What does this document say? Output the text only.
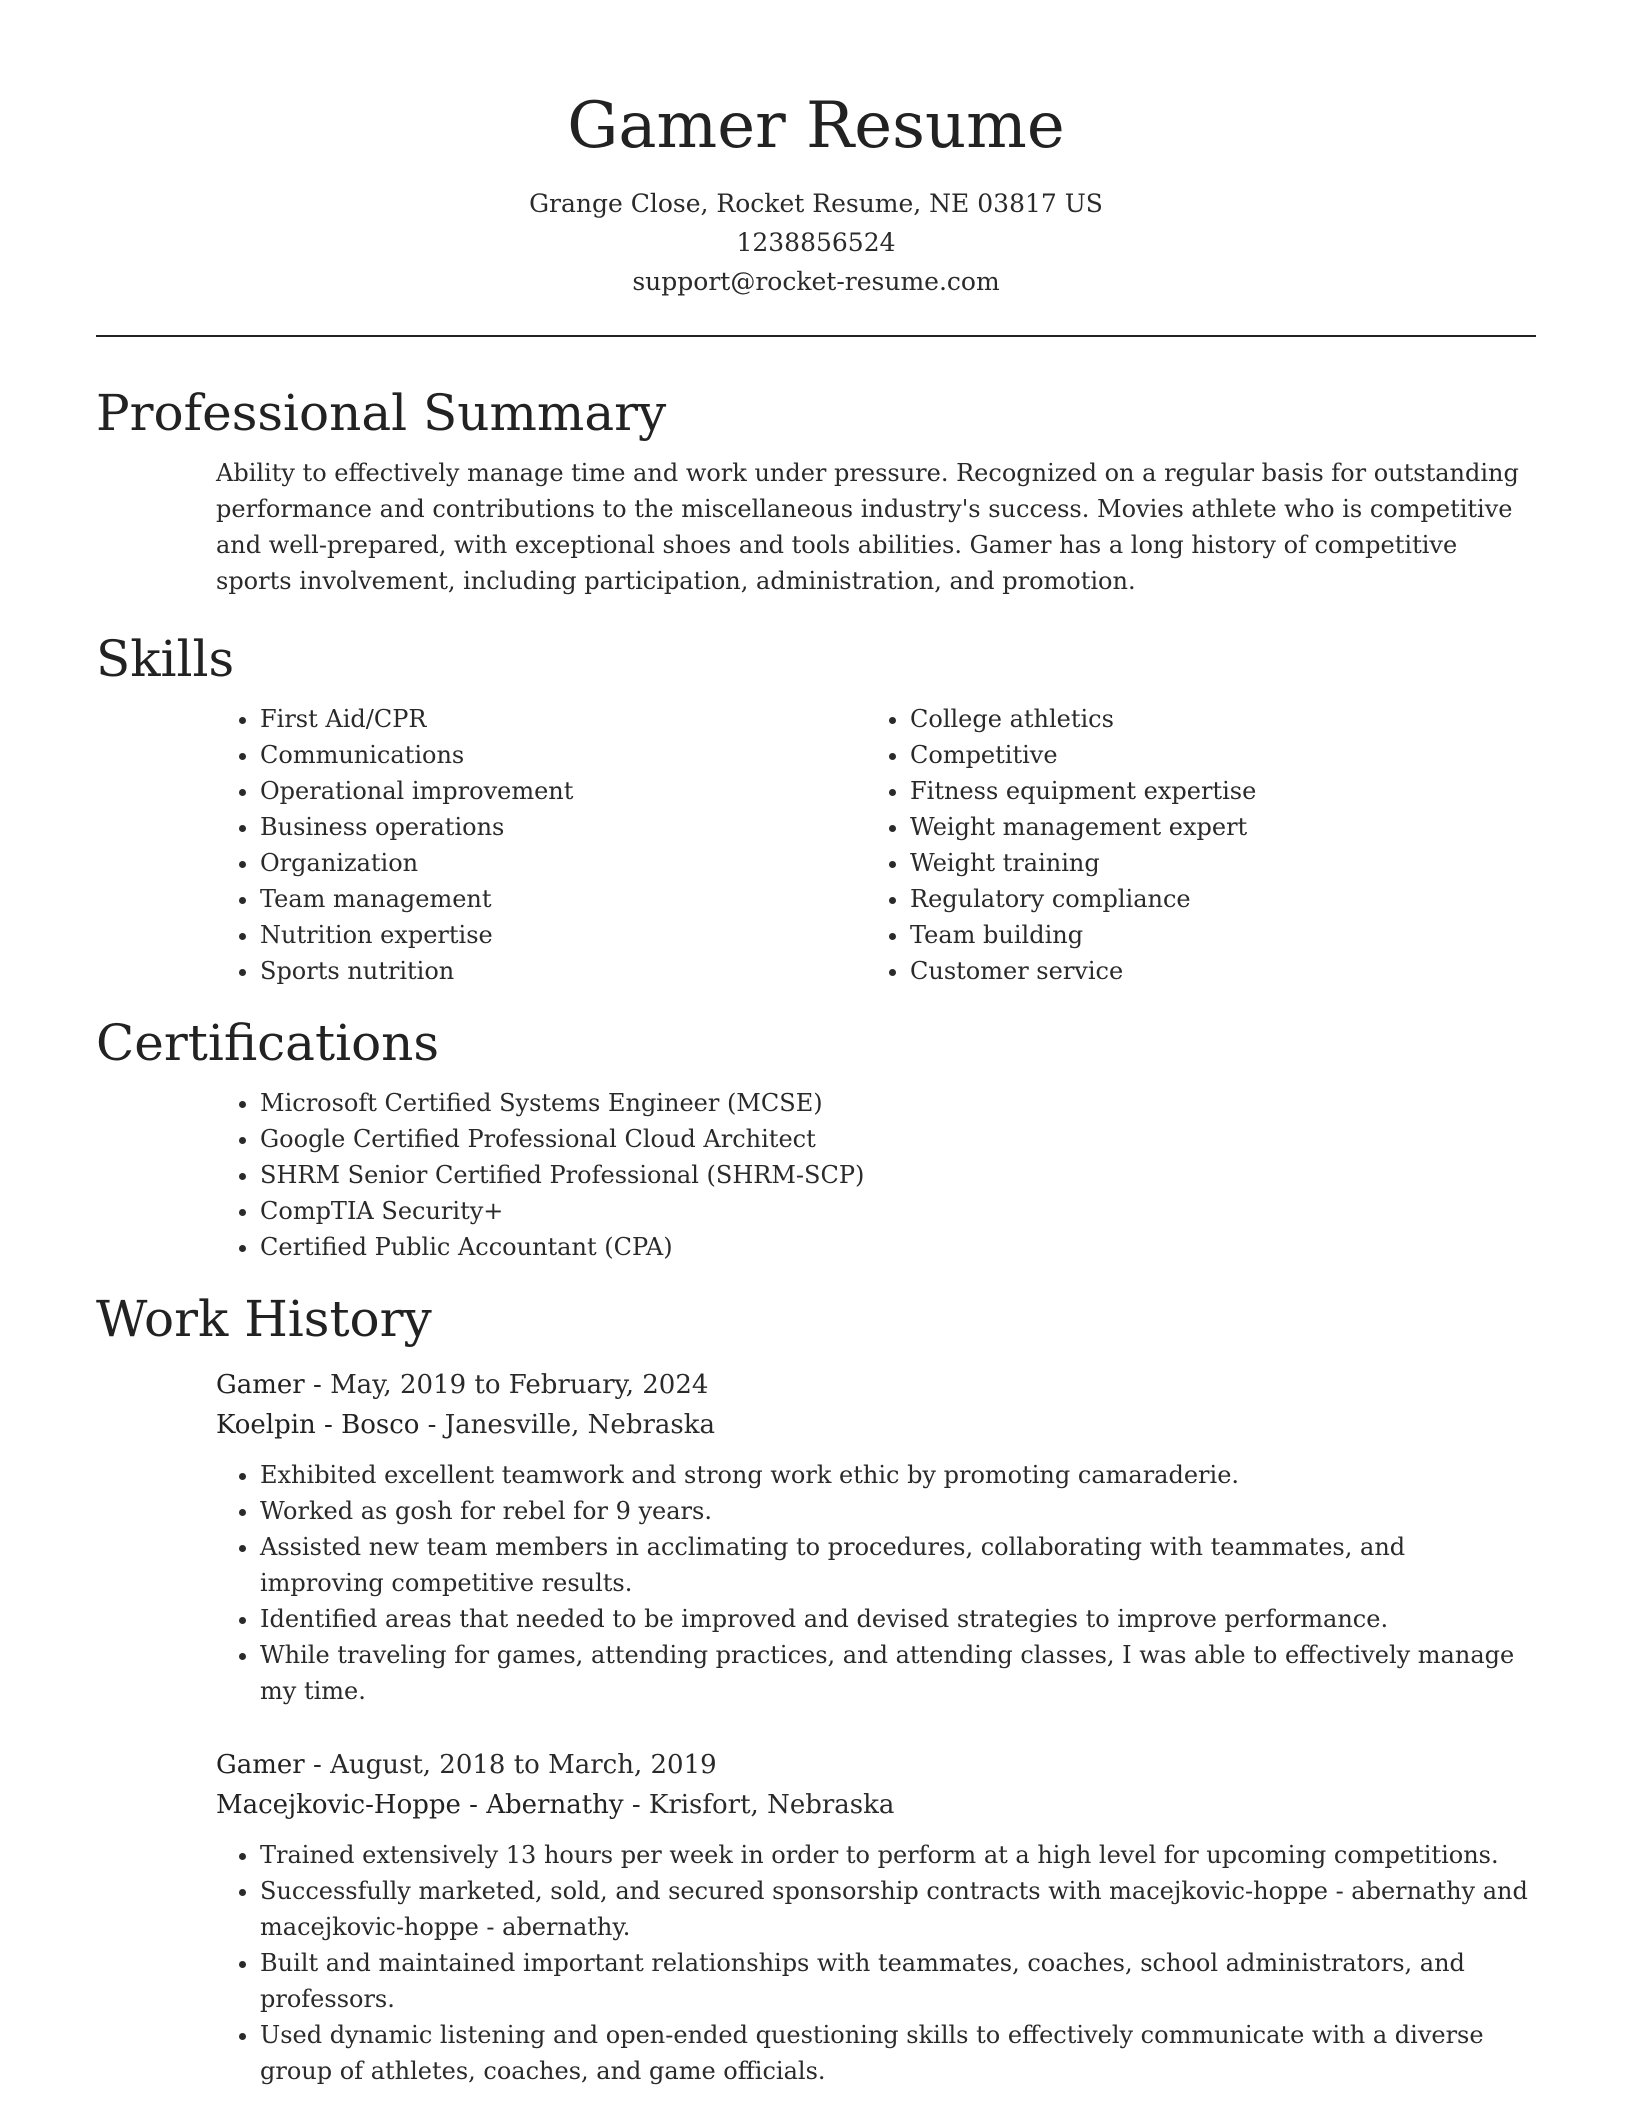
Gamer Resume
Grange Close, Rocket Resume, NE 03817 US
1238856524
support@rocket-resume.com
Professional Summary

Ability to effectively manage time and work under pressure. Recognized on a regular basis for outstanding performance and contributions to the miscellaneous industry's success. Movies athlete who is competitive and well-prepared, with exceptional shoes and tools abilities. Gamer has a long history of competitive sports involvement, including participation, administration, and promotion.

Skills
• First Aid/CPR
• Communications
• Operational improvement
• Business operations
• Organization
• Team management
• Nutrition expertise
• Sports nutrition
• College athletics
• Competitive
• Fitness equipment expertise
• Weight management expert
• Weight training
• Regulatory compliance
• Team building
• Customer service
Certifications
• Microsoft Certified Systems Engineer (MCSE)
• Google Certified Professional Cloud Architect
• SHRM Senior Certified Professional (SHRM-SCP)
• CompTIA Security+
• Certified Public Accountant (CPA)
Work History
Gamer - May, 2019 to February, 2024
Koelpin - Bosco - Janesville, Nebraska
• Exhibited excellent teamwork and strong work ethic by promoting camaraderie.
• Worked as gosh for rebel for 9 years.
• Assisted new team members in acclimating to procedures, collaborating with teammates, and improving competitive results.
• Identified areas that needed to be improved and devised strategies to improve performance.
• While traveling for games, attending practices, and attending classes, I was able to effectively manage my time.
Gamer - August, 2018 to March, 2019
Macejkovic-Hoppe - Abernathy - Krisfort, Nebraska
• Trained extensively 13 hours per week in order to perform at a high level for upcoming competitions.
• Successfully marketed, sold, and secured sponsorship contracts with macejkovic-hoppe - abernathy and macejkovic-hoppe - abernathy.
• Built and maintained important relationships with teammates, coaches, school administrators, and professors.
• Used dynamic listening and open-ended questioning skills to effectively communicate with a diverse group of athletes, coaches, and game officials.
